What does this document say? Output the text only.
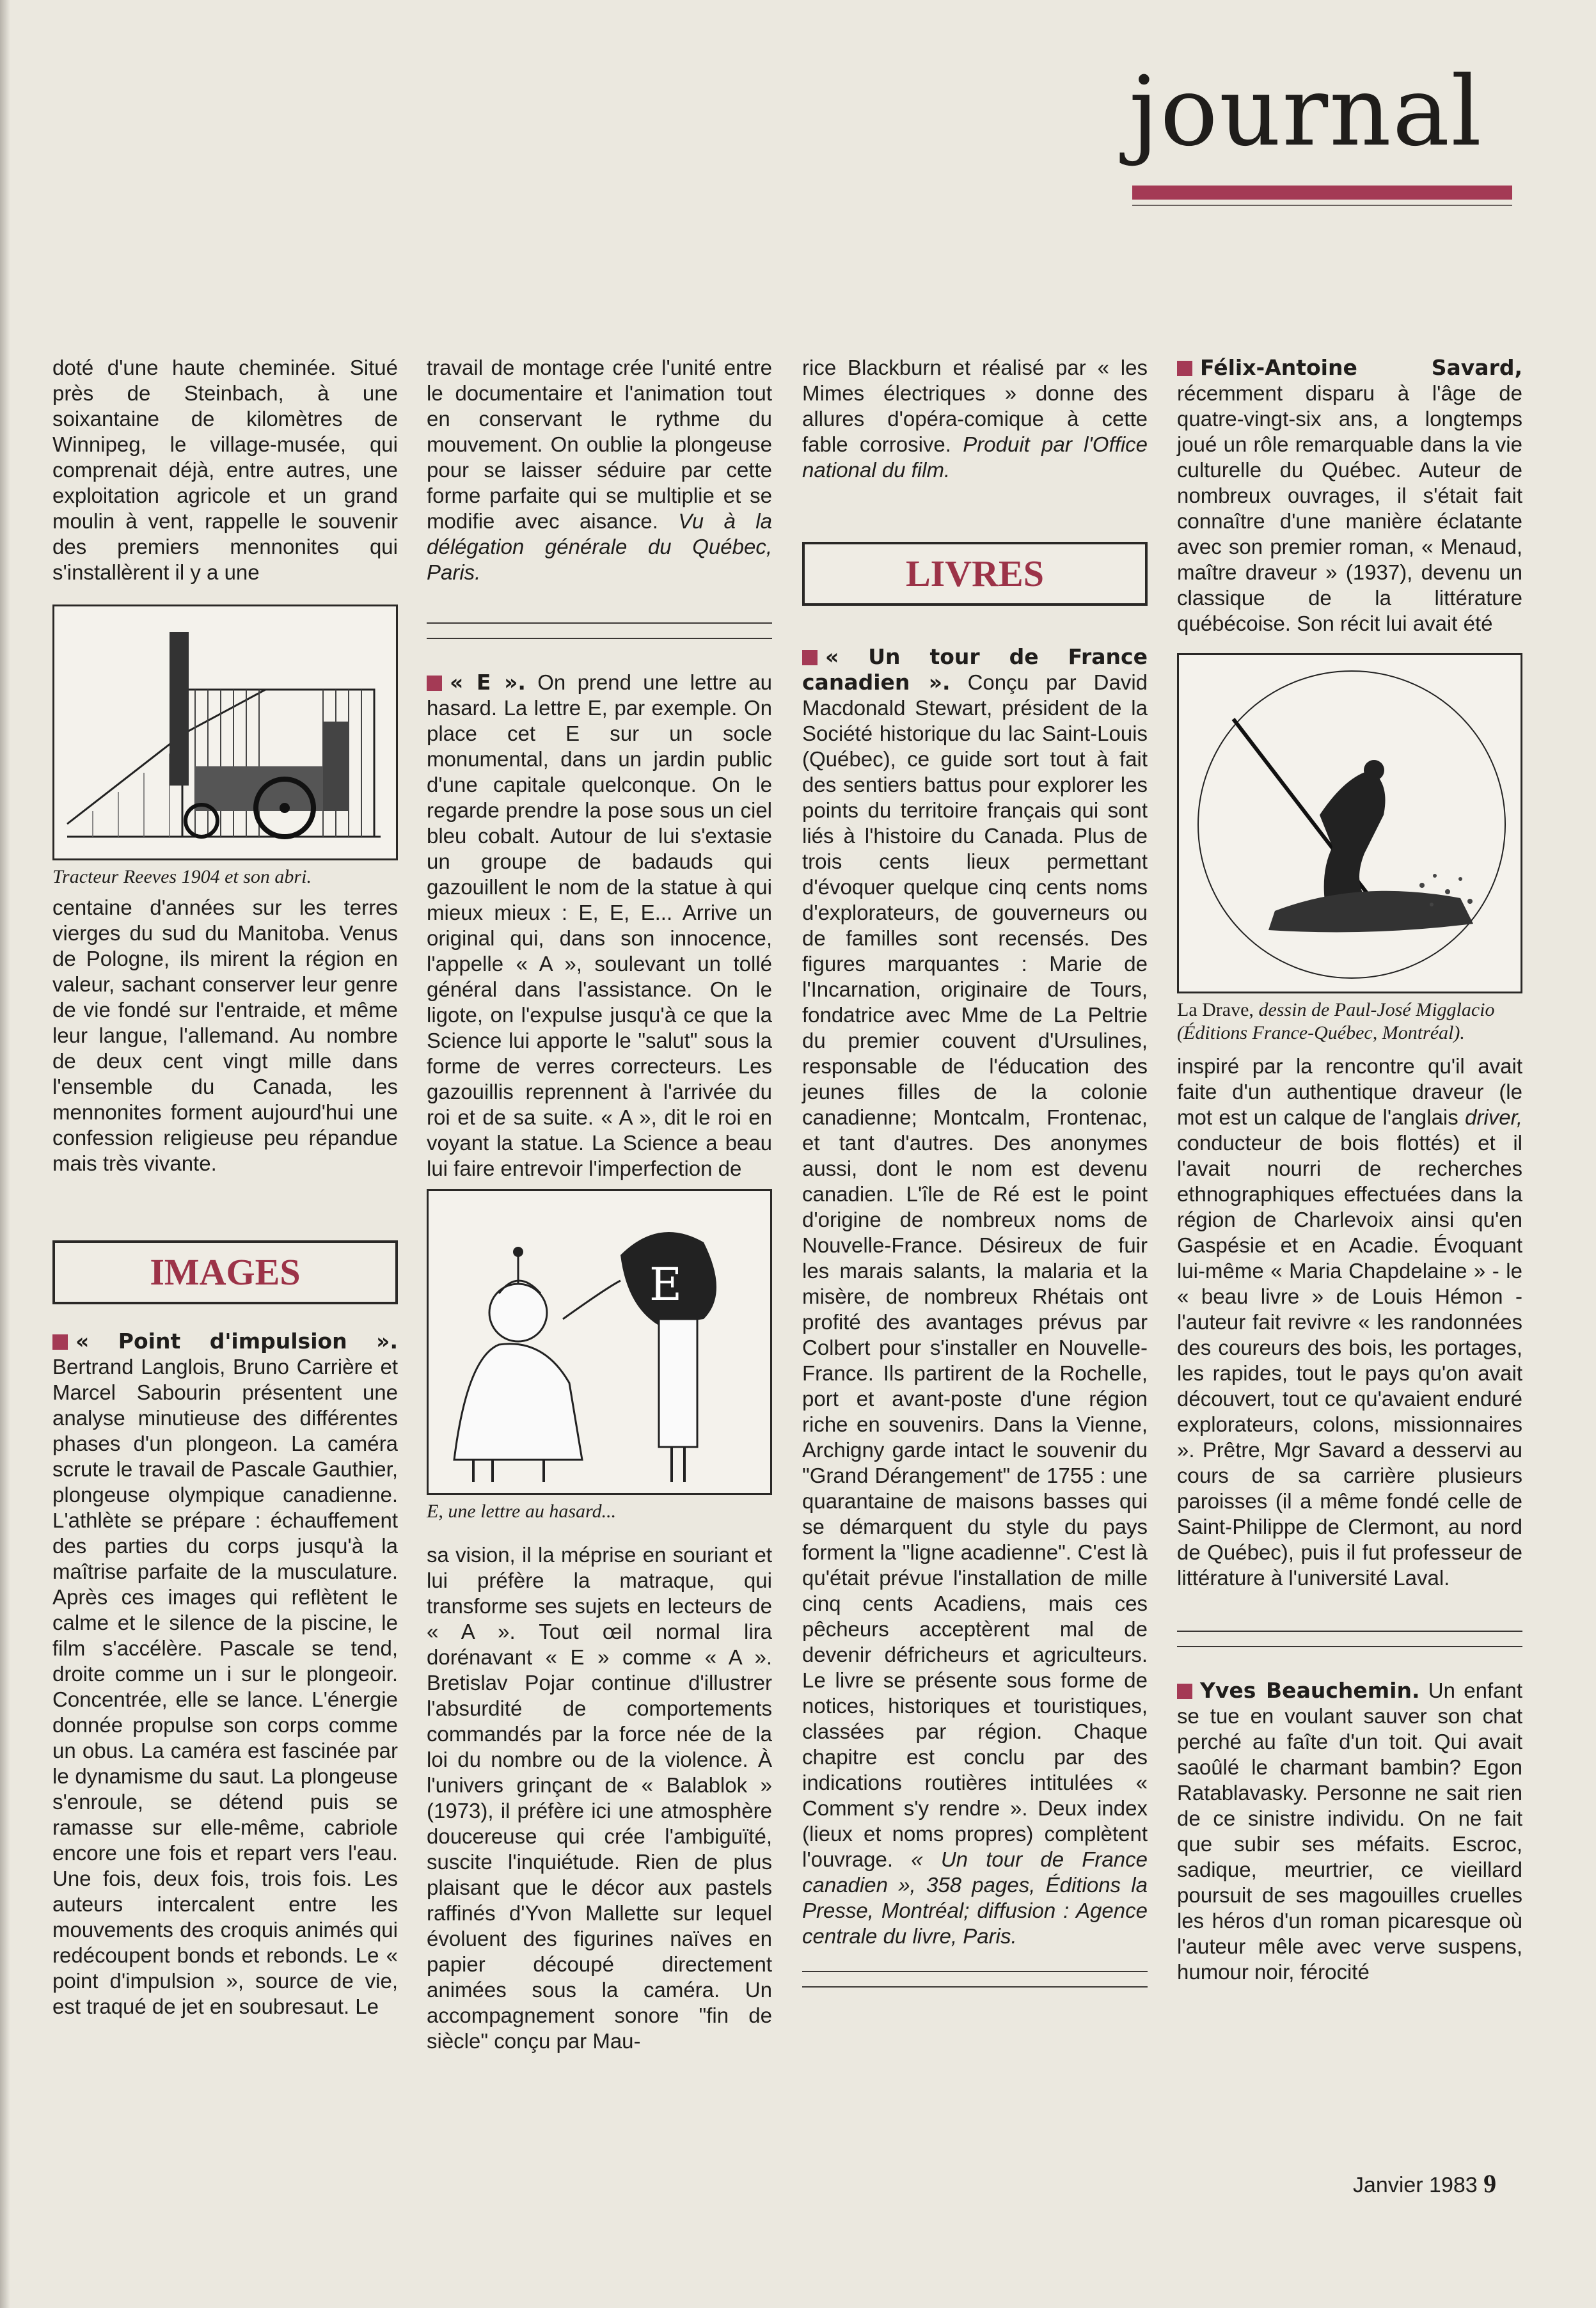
journal

doté d'une haute cheminée. Situé près de Steinbach, à une soixantaine de kilomètres de Winnipeg, le village-musée, qui comprenait déjà, entre autres, une exploitation agricole et un grand moulin à vent, rappelle le souvenir des premiers mennonites qui s'installèrent il y a une

Tracteur Reeves 1904 et son abri.

centaine d'années sur les terres vierges du sud du Manitoba. Venus de Pologne, ils mirent la région en valeur, sachant conserver leur genre de vie fondé sur l'entraide, et même leur langue, l'allemand. Au nombre de deux cent vingt mille dans l'ensemble du Canada, les mennonites forment aujourd'hui une confession religieuse peu répandue mais très vivante.

IMAGES

« Point d'impulsion ». Bertrand Langlois, Bruno Carrière et Marcel Sabourin présentent une analyse minutieuse des différentes phases d'un plongeon. La caméra scrute le travail de Pascale Gauthier, plongeuse olympique canadienne. L'athlète se prépare : échauffement des parties du corps jusqu'à la maîtrise parfaite de la musculature. Après ces images qui reflètent le calme et le silence de la piscine, le film s'accélère. Pascale se tend, droite comme un i sur le plongeoir. Concentrée, elle se lance. L'énergie donnée propulse son corps comme un obus. La caméra est fascinée par le dynamisme du saut. La plongeuse s'enroule, se détend puis se ramasse sur elle-même, cabriole encore une fois et repart vers l'eau. Une fois, deux fois, trois fois. Les auteurs intercalent entre les mouvements des croquis animés qui redécoupent bonds et rebonds. Le « point d'impulsion », source de vie, est traqué de jet en soubresaut. Le

travail de montage crée l'unité entre le documentaire et l'animation tout en conservant le rythme du mouvement. On oublie la plongeuse pour se laisser séduire par cette forme parfaite qui se multiplie et se modifie avec aisance. Vu à la délégation générale du Québec, Paris.

« E ». On prend une lettre au hasard. La lettre E, par exemple. On place cet E sur un socle monumental, dans un jardin public d'une capitale quelconque. On le regarde prendre la pose sous un ciel bleu cobalt. Autour de lui s'extasie un groupe de badauds qui gazouillent le nom de la statue à qui mieux mieux : E, E, E... Arrive un original qui, dans son innocence, l'appelle « A », soulevant un tollé général dans l'assistance. On le ligote, on l'expulse jusqu'à ce que la Science lui apporte le "salut" sous la forme de verres correcteurs. Les gazouillis reprennent à l'arrivée du roi et de sa suite. « A », dit le roi en voyant la statue. La Science a beau lui faire entrevoir l'imperfection de

E
E, une lettre au hasard...

sa vision, il la méprise en souriant et lui préfère la matraque, qui transforme ses sujets en lecteurs de « A ». Tout œil normal lira dorénavant « E » comme « A ». Bretislav Pojar continue d'illustrer l'absurdité de comportements commandés par la force née de la loi du nombre ou de la violence. À l'univers grinçant de « Balablok » (1973), il préfère ici une atmosphère doucereuse qui crée l'ambiguïté, suscite l'inquiétude. Rien de plus plaisant que le décor aux pastels raffinés d'Yvon Mallette sur lequel évoluent des figurines naïves en papier découpé directement animées sous la caméra. Un accompagnement sonore "fin de siècle" conçu par Mau-

rice Blackburn et réalisé par « les Mimes électriques » donne des allures d'opéra-comique à cette fable corrosive. Produit par l'Office national du film.

LIVRES

« Un tour de France canadien ». Conçu par David Macdonald Stewart, président de la Société historique du lac Saint-Louis (Québec), ce guide sort tout à fait des sentiers battus pour explorer les points du territoire français qui sont liés à l'histoire du Canada. Plus de trois cents lieux permettant d'évoquer quelque cinq cents noms d'explorateurs, de gouverneurs ou de familles sont recensés. Des figures marquantes : Marie de l'Incarnation, originaire de Tours, fondatrice avec Mme de La Peltrie du premier couvent d'Ursulines, responsable de l'éducation des jeunes filles de la colonie canadienne; Montcalm, Frontenac, et tant d'autres. Des anonymes aussi, dont le nom est devenu canadien. L'île de Ré est le point d'origine de nombreux noms de Nouvelle-France. Désireux de fuir les marais salants, la malaria et la misère, de nombreux Rhétais ont profité des avantages prévus par Colbert pour s'installer en Nouvelle-France. Ils partirent de la Rochelle, port et avant-poste d'une région riche en souvenirs. Dans la Vienne, Archigny garde intact le souvenir du "Grand Dérangement" de 1755 : une quarantaine de maisons basses qui se démarquent du style du pays forment la "ligne acadienne". C'est là qu'était prévue l'installation de mille cinq cents Acadiens, mais ces pêcheurs acceptèrent mal de devenir défricheurs et agriculteurs. Le livre se présente sous forme de notices, historiques et touristiques, classées par région. Chaque chapitre est conclu par des indications routières intitulées « Comment s'y rendre ». Deux index (lieux et noms propres) complètent l'ouvrage. « Un tour de France canadien », 358 pages, Éditions la Presse, Montréal; diffusion : Agence centrale du livre, Paris.

Félix-Antoine Savard, récemment disparu à l'âge de quatre-vingt-six ans, a longtemps joué un rôle remarquable dans la vie culturelle du Québec. Auteur de nombreux ouvrages, il s'était fait connaître d'une manière éclatante avec son premier roman, « Menaud, maître draveur » (1937), devenu un classique de la littérature québécoise. Son récit lui avait été

La Drave, dessin de Paul-José Migglacio (Éditions France-Québec, Montréal).

inspiré par la rencontre qu'il avait faite d'un authentique draveur (le mot est un calque de l'anglais driver, conducteur de bois flottés) et il l'avait nourri de recherches ethnographiques effectuées dans la région de Charlevoix ainsi qu'en Gaspésie et en Acadie. Évoquant lui-même « Maria Chapdelaine » - le « beau livre » de Louis Hémon - l'auteur fait revivre « les randonnées des coureurs des bois, les portages, les rapides, tout le pays qu'on avait découvert, tout ce qu'avaient enduré explorateurs, colons, missionnaires ». Prêtre, Mgr Savard a desservi au cours de sa carrière plusieurs paroisses (il a même fondé celle de Saint-Philippe de Clermont, au nord de Québec), puis il fut professeur de littérature à l'université Laval.

Yves Beauchemin. Un enfant se tue en voulant sauver son chat perché au faîte d'un toit. Qui avait saoûlé le charmant bambin? Egon Ratablavasky. Personne ne sait rien de ce sinistre individu. On ne fait que subir ses méfaits. Escroc, sadique, meurtrier, ce vieillard poursuit de ses magouilles cruelles les héros d'un roman picaresque où l'auteur mêle avec verve suspens, humour noir, férocité

Janvier 1983 9
